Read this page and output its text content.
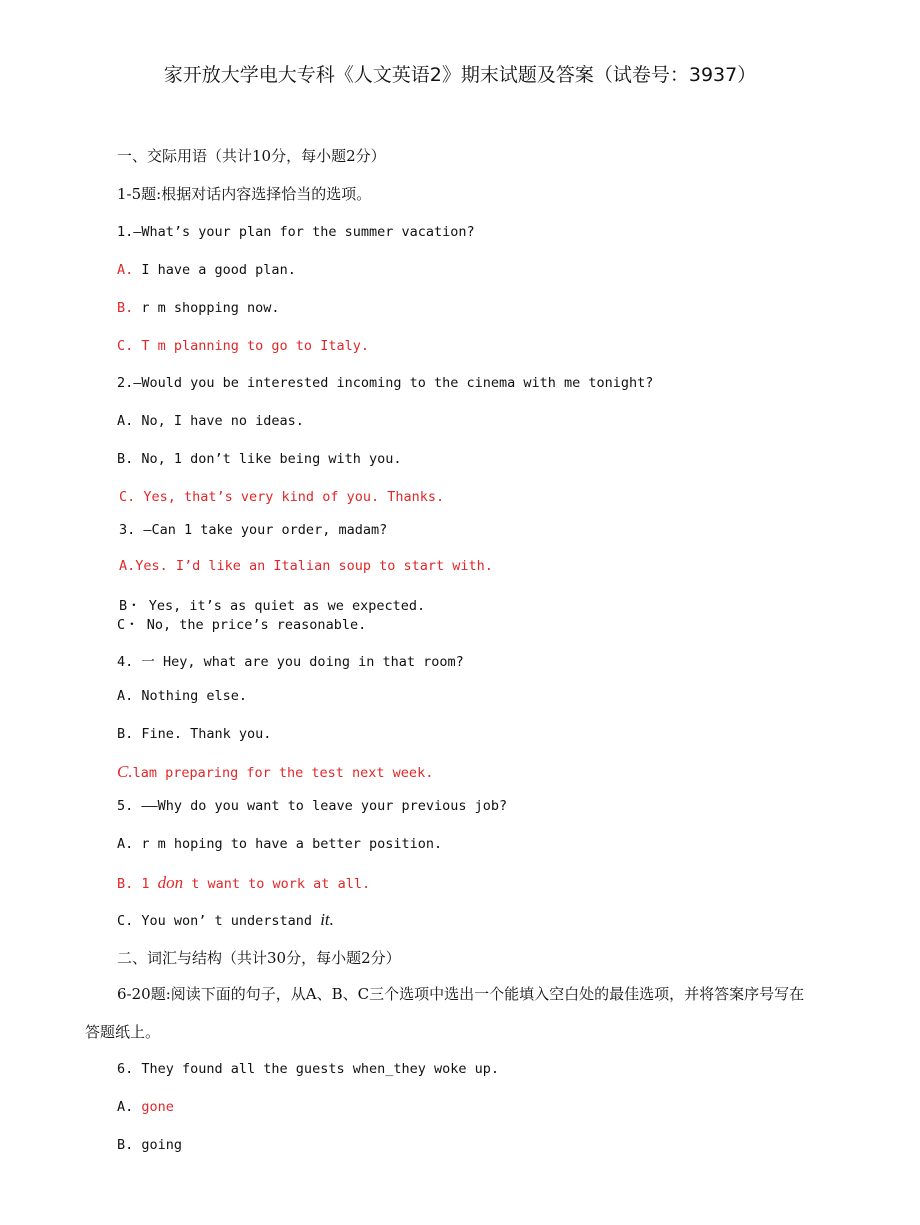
家开放大学电大专科《人文英语2》期末试题及答案（试卷号：3937）
一、交际用语（共计10分，每小题2分）
1-5题:根据对话内容选择恰当的选项。
1.—What’s your plan for the summer vacation?
A. I have a good plan.
B. r m shopping now.
C. T m planning to go to Italy.
2.—Would you be interested incoming to the cinema with me tonight?
A. No, I have no ideas.
B. No, 1 don’t like being with you.
C. Yes, that’s very kind of you. Thanks.
3. —Can 1 take your order, madam?
A.Yes. I’d like an Italian soup to start with.
B・ Yes, it’s as quiet as we expected.
C・ No, the price’s reasonable.
4. 一 Hey, what are you doing in that room?
A. Nothing else.
B. Fine. Thank you.
C.lam preparing for the test next week.
5. ——Why do you want to leave your previous job?
A. r m hoping to have a better position.
B. 1 don t want to work at all.
C. You won’ t understand it.
二、词汇与结构（共计30分，每小题2分）
6-20题:阅读下面的句子，从A、B、C三个选项中选出一个能填入空白处的最佳选项，并将答案序号写在答题纸上。
6. They found all the guests when_they woke up.
A. gone
B. going
